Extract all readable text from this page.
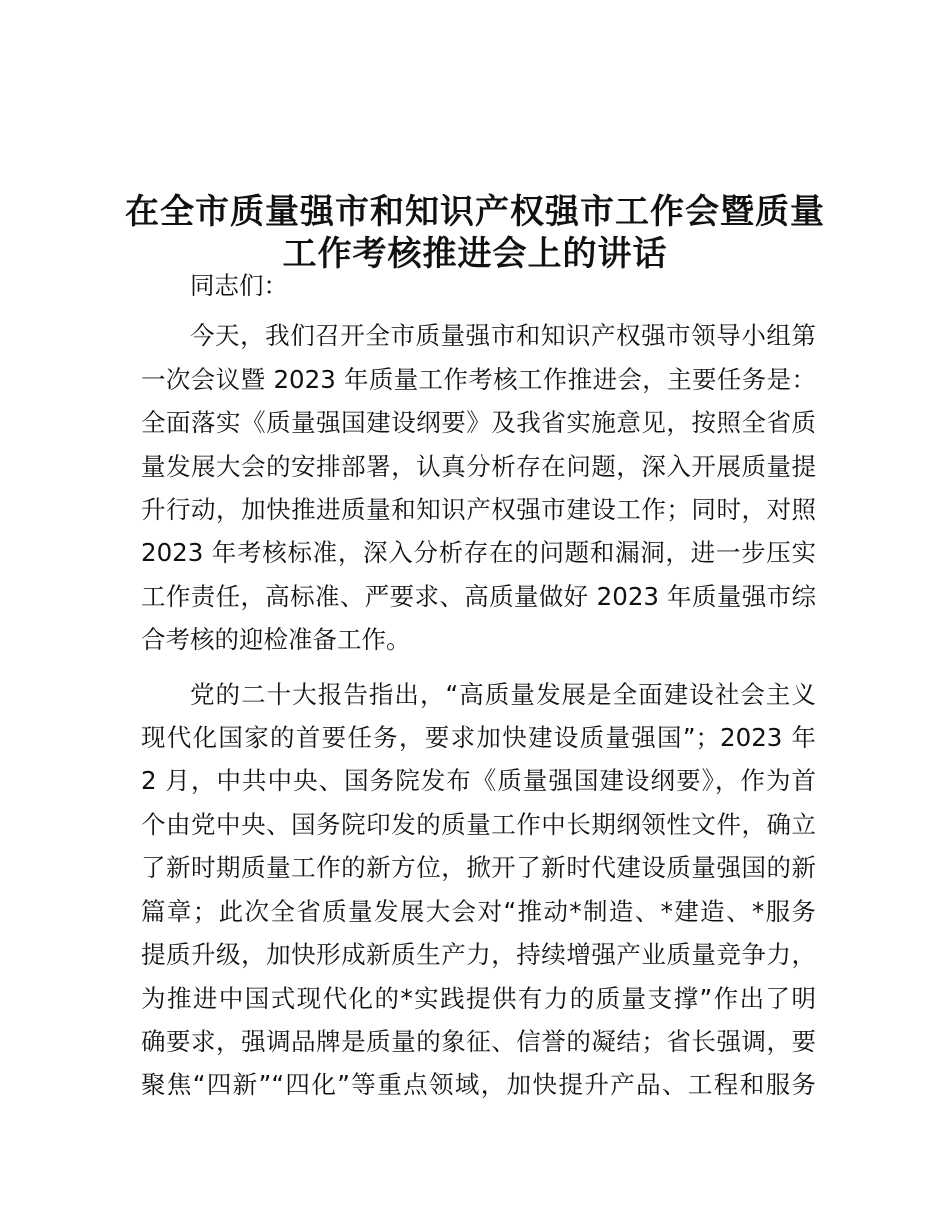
在全市质量强市和知识产权强市工作会暨质量
工作考核推进会上的讲话

同志们：

今天，我们召开全市质量强市和知识产权强市领导小组第
一次会议暨 2023 年质量工作考核工作推进会，主要任务是：
全面落实《质量强国建设纲要》及我省实施意见，按照全省质
量发展大会的安排部署，认真分析存在问题，深入开展质量提
升行动，加快推进质量和知识产权强市建设工作；同时，对照
2023 年考核标准，深入分析存在的问题和漏洞，进一步压实
工作责任，高标准、严要求、高质量做好 2023 年质量强市综
合考核的迎检准备工作。

党的二十大报告指出，“高质量发展是全面建设社会主义
现代化国家的首要任务，要求加快建设质量强国”；2023 年
2 月，中共中央、国务院发布《质量强国建设纲要》，作为首
个由党中央、国务院印发的质量工作中长期纲领性文件，确立
了新时期质量工作的新方位，掀开了新时代建设质量强国的新
篇章；此次全省质量发展大会对“推动*制造、*建造、*服务
提质升级，加快形成新质生产力，持续增强产业质量竞争力，
为推进中国式现代化的*实践提供有力的质量支撑”作出了明
确要求，强调品牌是质量的象征、信誉的凝结；省长强调，要
聚焦“四新”“四化”等重点领域，加快提升产品、工程和服务
